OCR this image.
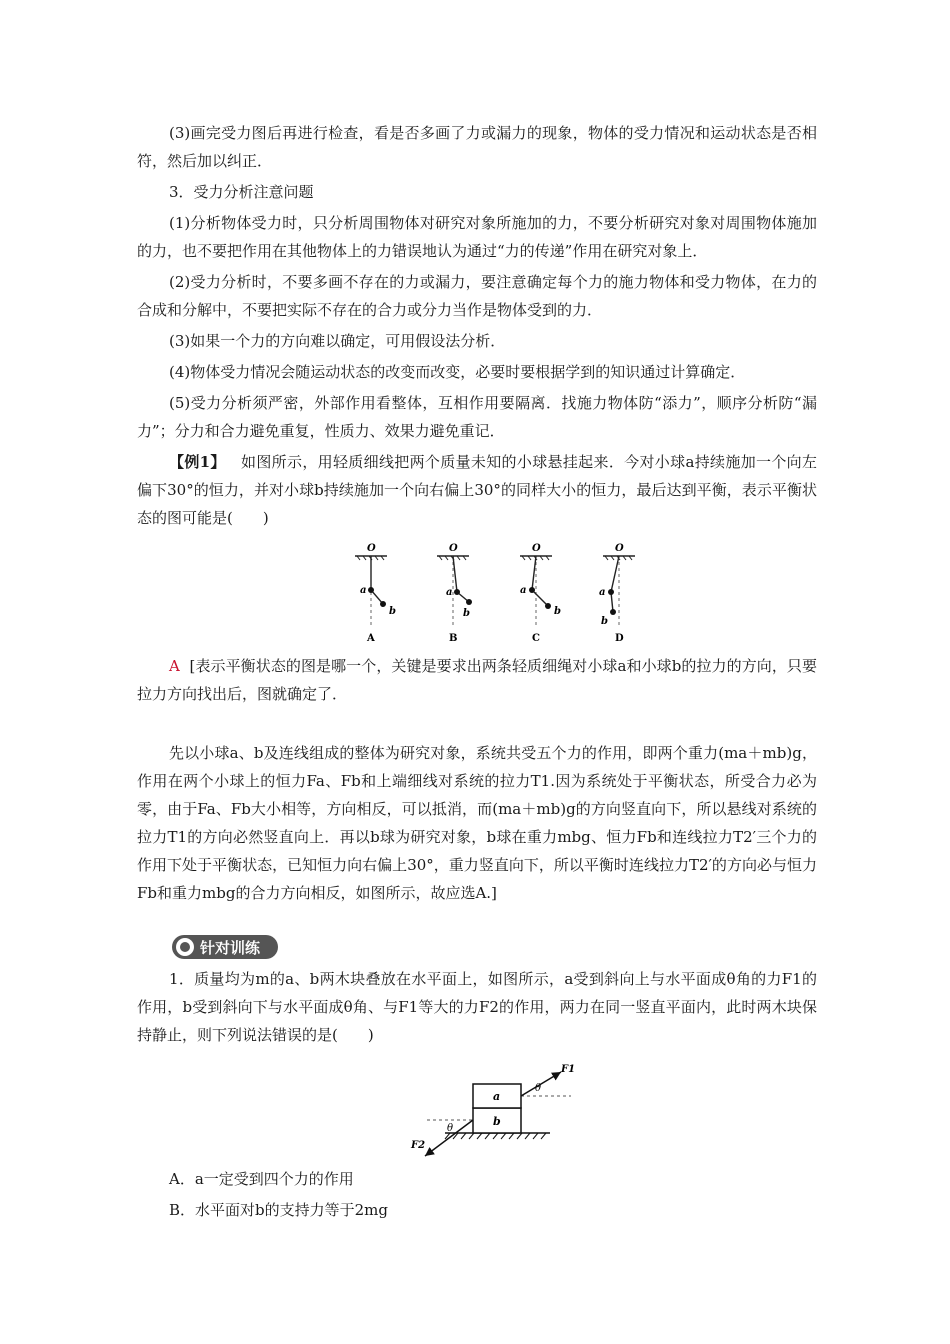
(3)画完受力图后再进行检查，看是否多画了力或漏力的现象，物体的受力情况和运动状态是否相符，然后加以纠正．

3．受力分析注意问题

(1)分析物体受力时，只分析周围物体对研究对象所施加的力，不要分析研究对象对周围物体施加的力，也不要把作用在其他物体上的力错误地认为通过“力的传递”作用在研究对象上．

(2)受力分析时，不要多画不存在的力或漏力，要注意确定每个力的施力物体和受力物体，在力的合成和分解中，不要把实际不存在的合力或分力当作是物体受到的力．

(3)如果一个力的方向难以确定，可用假设法分析．

(4)物体受力情况会随运动状态的改变而改变，必要时要根据学到的知识通过计算确定．

(5)受力分析须严密，外部作用看整体，互相作用要隔离．找施力物体防“添力”，顺序分析防“漏力”；分力和合力避免重复，性质力、效果力避免重记．

【例1】 如图所示，用轻质细线把两个质量未知的小球悬挂起来．今对小球a持续施加一个向左偏下30°的恒力，并对小球b持续施加一个向右偏上30°的同样大小的恒力，最后达到平衡，表示平衡状态的图可能是(　　)

O
a
b
A
O
a
b
B
O
a
b
C
O
a
b
D

A [表示平衡状态的图是哪一个，关键是要求出两条轻质细绳对小球a和小球b的拉力的方向，只要拉力方向找出后，图就确定了．

先以小球a、b及连线组成的整体为研究对象，系统共受五个力的作用，即两个重力(ma＋mb)g，作用在两个小球上的恒力Fa、Fb和上端细线对系统的拉力T1.因为系统处于平衡状态，所受合力必为零，由于Fa、Fb大小相等，方向相反，可以抵消，而(ma＋mb)g的方向竖直向下，所以悬线对系统的拉力T1的方向必然竖直向上．再以b球为研究对象，b球在重力mbg、恒力Fb和连线拉力T2′三个力的作用下处于平衡状态，已知恒力向右偏上30°，重力竖直向下，所以平衡时连线拉力T2′的方向必与恒力Fb和重力mbg的合力方向相反，如图所示，故应选A.]

针对训练

1．质量均为m的a、b两木块叠放在水平面上，如图所示，a受到斜向上与水平面成θ角的力F1的作用，b受到斜向下与水平面成θ角、与F1等大的力F2的作用，两力在同一竖直平面内，此时两木块保持静止，则下列说法错误的是(　　)

a
b
θ
F1
θ
F2

A．a一定受到四个力的作用

B．水平面对b的支持力等于2mg
